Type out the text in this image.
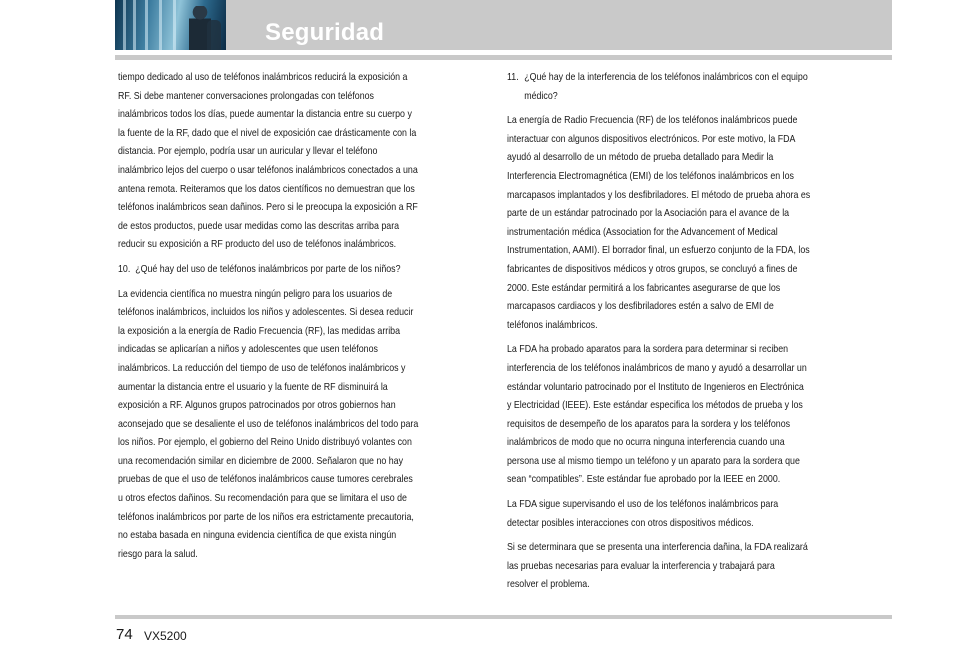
Seguridad

tiempo dedicado al uso de teléfonos inalámbricos reducirá la exposición a
RF. Si debe mantener conversaciones prolongadas con teléfonos
inalámbricos todos los días, puede aumentar la distancia entre su cuerpo y
la fuente de la RF, dado que el nivel de exposición cae drásticamente con la
distancia. Por ejemplo, podría usar un auricular y llevar el teléfono
inalámbrico lejos del cuerpo o usar teléfonos inalámbricos conectados a una
antena remota. Reiteramos que los datos científicos no demuestran que los
teléfonos inalámbricos sean dañinos. Pero si le preocupa la exposición a RF
de estos productos, puede usar medidas como las descritas arriba para
reducir su exposición a RF producto del uso de teléfonos inalámbricos.

10. ¿Qué hay del uso de teléfonos inalámbricos por parte de los niños?

La evidencia científica no muestra ningún peligro para los usuarios de
teléfonos inalámbricos, incluidos los niños y adolescentes. Si desea reducir
la exposición a la energía de Radio Frecuencia (RF), las medidas arriba
indicadas se aplicarían a niños y adolescentes que usen teléfonos
inalámbricos. La reducción del tiempo de uso de teléfonos inalámbricos y
aumentar la distancia entre el usuario y la fuente de RF disminuirá la
exposición a RF. Algunos grupos patrocinados por otros gobiernos han
aconsejado que se desaliente el uso de teléfonos inalámbricos del todo para
los niños. Por ejemplo, el gobierno del Reino Unido distribuyó volantes con
una recomendación similar en diciembre de 2000. Señalaron que no hay
pruebas de que el uso de teléfonos inalámbricos cause tumores cerebrales
u otros efectos dañinos. Su recomendación para que se limitara el uso de
teléfonos inalámbricos por parte de los niños era estrictamente precautoria,
no estaba basada en ninguna evidencia científica de que exista ningún
riesgo para la salud.

11. ¿Qué hay de la interferencia de los teléfonos inalámbricos con el equipo
médico?

La energía de Radio Frecuencia (RF) de los teléfonos inalámbricos puede
interactuar con algunos dispositivos electrónicos. Por este motivo, la FDA
ayudó al desarrollo de un método de prueba detallado para Medir la
Interferencia Electromagnética (EMI) de los teléfonos inalámbricos en los
marcapasos implantados y los desfibriladores. El método de prueba ahora es
parte de un estándar patrocinado por la Asociación para el avance de la
instrumentación médica (Association for the Advancement of Medical
Instrumentation, AAMI). El borrador final, un esfuerzo conjunto de la FDA, los
fabricantes de dispositivos médicos y otros grupos, se concluyó a fines de
2000. Este estándar permitirá a los fabricantes asegurarse de que los
marcapasos cardiacos y los desfibriladores estén a salvo de EMI de
teléfonos inalámbricos.

La FDA ha probado aparatos para la sordera para determinar si reciben
interferencia de los teléfonos inalámbricos de mano y ayudó a desarrollar un
estándar voluntario patrocinado por el Instituto de Ingenieros en Electrónica
y Electricidad (IEEE). Este estándar especifica los métodos de prueba y los
requisitos de desempeño de los aparatos para la sordera y los teléfonos
inalámbricos de modo que no ocurra ninguna interferencia cuando una
persona use al mismo tiempo un teléfono y un aparato para la sordera que
sean “compatibles”. Este estándar fue aprobado por la IEEE en 2000.

La FDA sigue supervisando el uso de los teléfonos inalámbricos para
detectar posibles interacciones con otros dispositivos médicos.

Si se determinara que se presenta una interferencia dañina, la FDA realizará
las pruebas necesarias para evaluar la interferencia y trabajará para
resolver el problema.

74 VX5200
